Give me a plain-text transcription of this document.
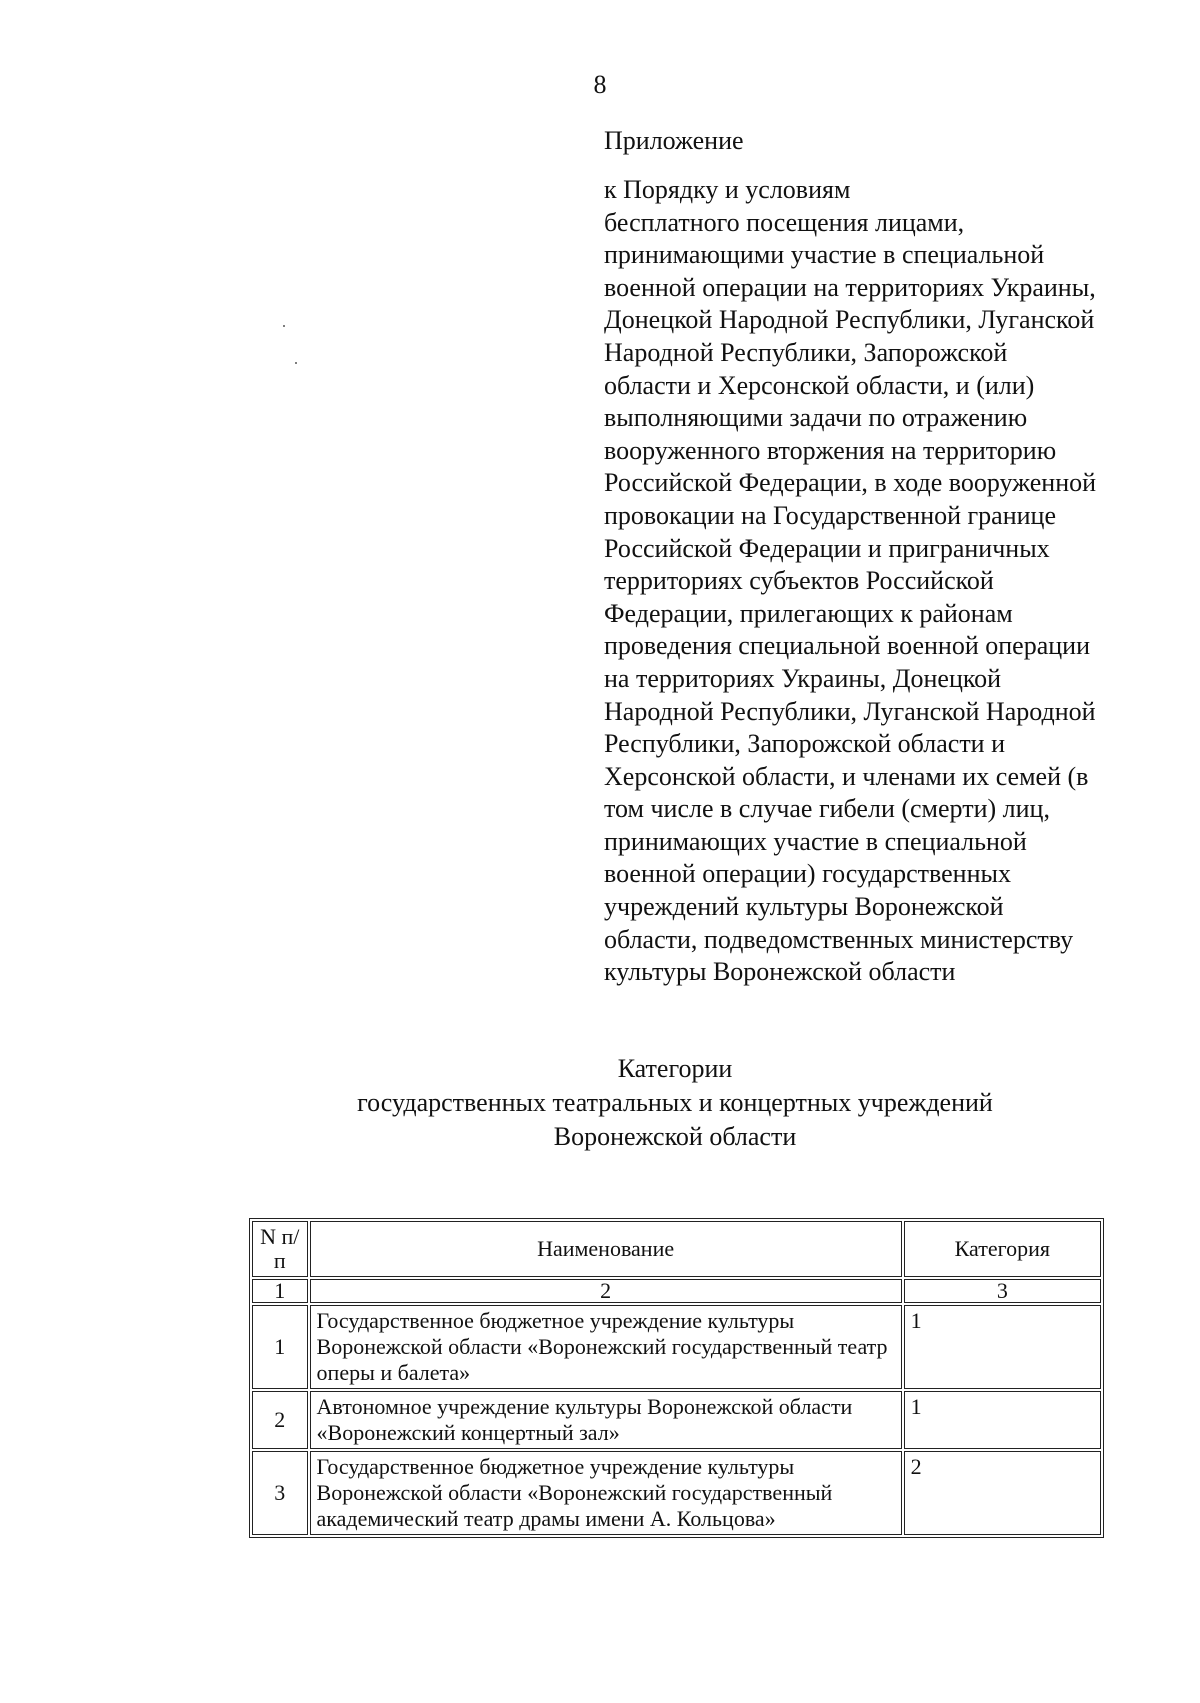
8
Приложение
к Порядку и условиям
бесплатного посещения лицами,
принимающими участие в специальной
военной операции на территориях Украины,
Донецкой Народной Республики, Луганской
Народной Республики, Запорожской
области и Херсонской области, и (или)
выполняющими задачи по отражению
вооруженного вторжения на территорию
Российской Федерации, в ходе вооруженной
провокации на Государственной границе
Российской Федерации и приграничных
территориях субъектов Российской
Федерации, прилегающих к районам
проведения специальной военной операции
на территориях Украины, Донецкой
Народной Республики, Луганской Народной
Республики, Запорожской области и
Херсонской области, и членами их семей (в
том числе в случае гибели (смерти) лиц,
принимающих участие в специальной
военной операции) государственных
учреждений культуры Воронежской
области, подведомственных министерству
культуры Воронежской области
Категории
государственных театральных и концертных учреждений
Воронежской области
N п/п	Наименование	Категория
1	2	3
1	Государственное бюджетное учреждение культуры Воронежской области «Воронежский государственный театр оперы и балета»	1
2	Автономное учреждение культуры Воронежской области «Воронежский концертный зал»	1
3	Государственное бюджетное учреждение культуры Воронежской области «Воронежский государственный академический театр драмы имени А. Кольцова»	2
